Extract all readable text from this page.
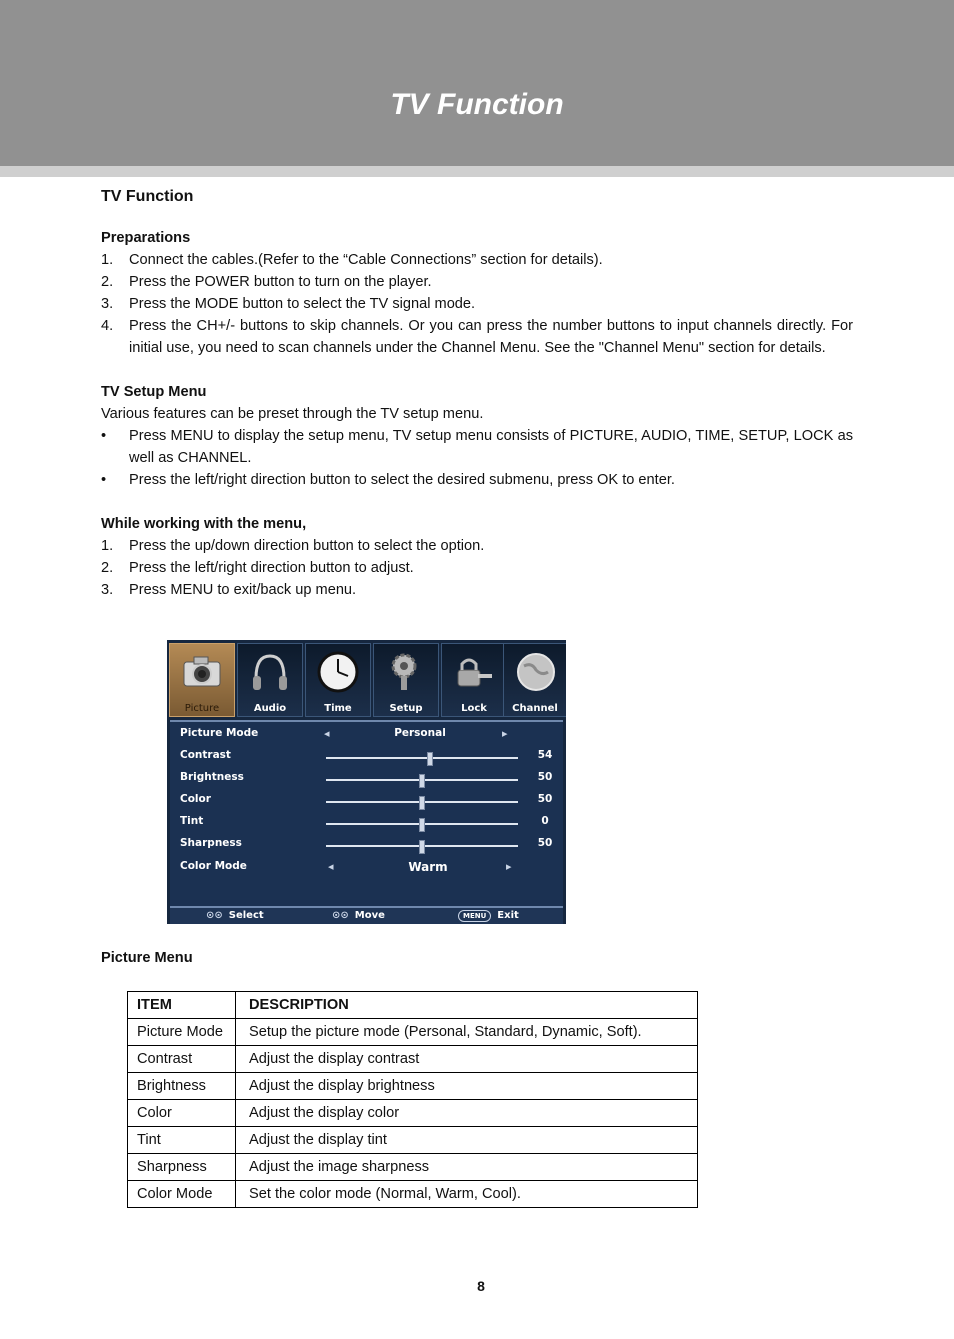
TV Function
TV Function
Preparations
1. Connect the cables.(Refer to the “Cable Connections” section for details).
2. Press the POWER button to turn on the player.
3. Press the MODE button to select the TV signal mode.
4. Press the CH+/- buttons to skip channels. Or you can press the number buttons to input channels directly. For initial use, you need to scan channels under the Channel Menu. See the "Channel Menu" section for details.
TV Setup Menu

Various features can be preset through the TV setup menu.

• Press MENU to display the setup menu, TV setup menu consists of PICTURE, AUDIO, TIME, SETUP, LOCK as well as CHANNEL.
• Press the left/right direction button to select the desired submenu, press OK to enter.
While working with the menu,
1. Press the up/down direction button to select the option.
2. Press the left/right direction button to adjust.
3. Press MENU to exit/back up menu.
Picture	Audio	Time	Setup	Lock	Channel
Picture Mode	◂	Personal	▸
Contrast	54
Brightness	50
Color	50
Tint	0
Sharpness	50
Color Mode	◂	Warm	▸
⊙⊙ Select	⊙⊙ Move	MENU Exit
Picture Menu
ITEM	DESCRIPTION
Picture Mode	Setup the picture mode (Personal, Standard, Dynamic, Soft).
Contrast	Adjust the display contrast
Brightness	Adjust the display brightness
Color	Adjust the display color
Tint	Adjust the display tint
Sharpness	Adjust the image sharpness
Color Mode	Set the color mode (Normal, Warm, Cool).
8
